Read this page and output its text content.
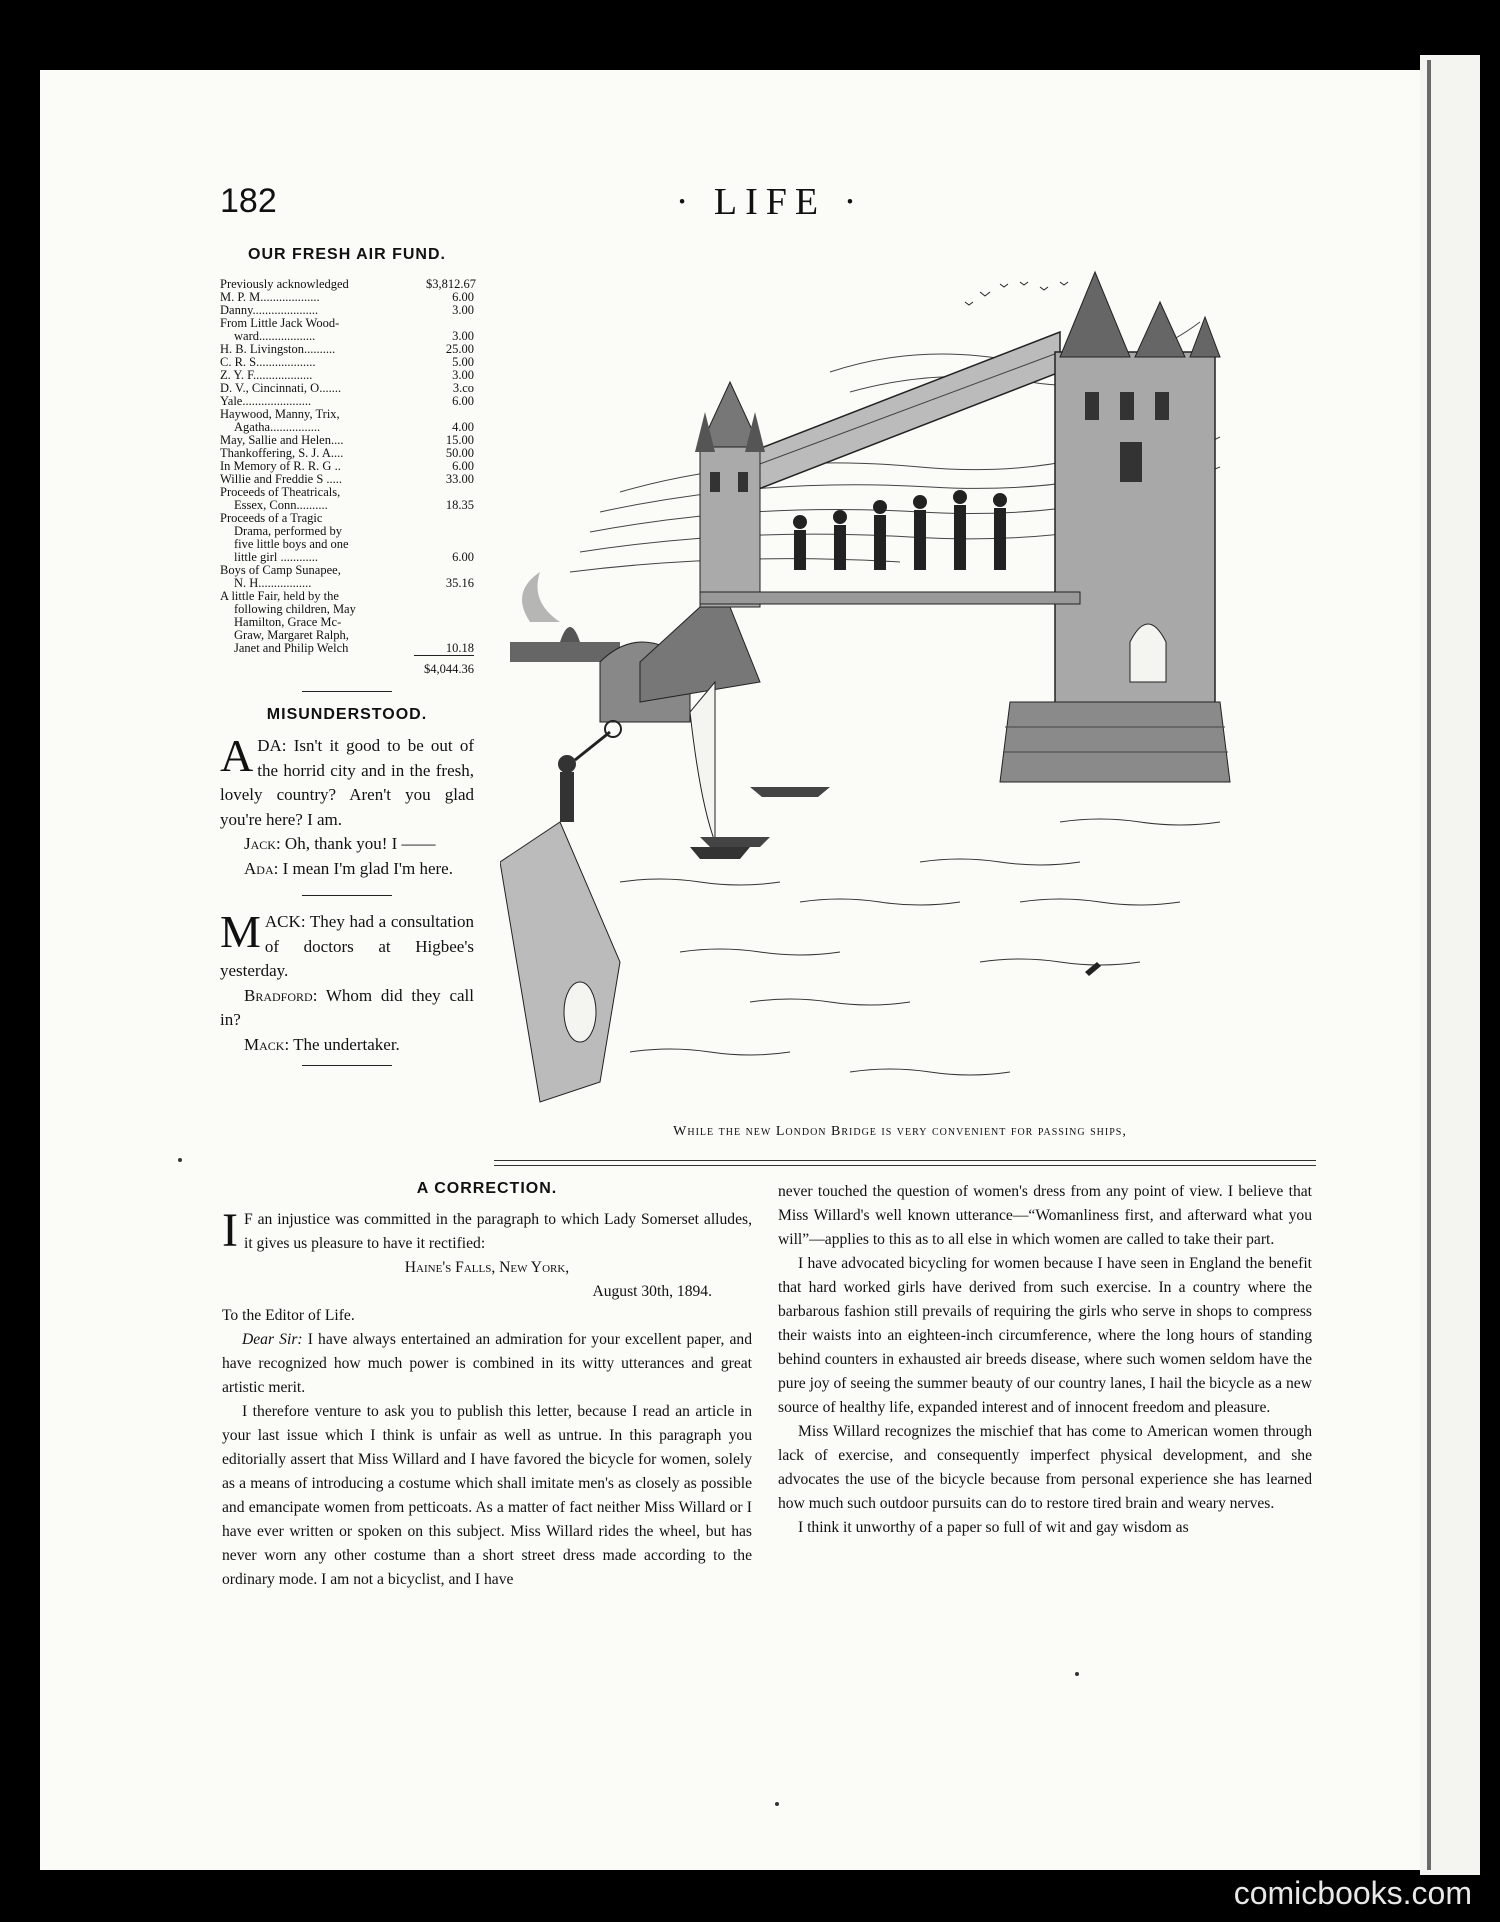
182	· LIFE ·
OUR FRESH AIR FUND.
Previously acknowledged	$3,812.67
M. P. M...................	6.00
Danny.....................	3.00
From Little Jack Wood-
ward..................	3.00
H. B. Livingston..........	25.00
C. R. S...................	5.00
Z. Y. F...................	3.00
D. V., Cincinnati, O.......	3.co
Yale......................	6.00
Haywood, Manny, Trix,
Agatha................	4.00
May, Sallie and Helen....	15.00
Thankoffering, S. J. A....	50.00
In Memory of R. R. G ..	6.00
Willie and Freddie S .....	33.00
Proceeds of Theatricals,
Essex, Conn..........	18.35
Proceeds of a Tragic
Drama, performed by
five little boys and one
little girl ............	6.00
Boys of Camp Sunapee,
N. H.................	35.16
A little Fair, held by the
following children, May
Hamilton, Grace Mc-
Graw, Margaret Ralph,
Janet and Philip Welch	10.18
$4,044.36
MISUNDERSTOOD.

ADA: Isn't it good to be out of the horrid city and in the fresh, lovely country? Aren't you glad you're here? I am.

Jack: Oh, thank you! I ——

Ada: I mean I'm glad I'm here.

MACK: They had a consultation of doctors at Higbee's yesterday.

Bradford: Whom did they call in?

Mack: The undertaker.

While the new London Bridge is very convenient for passing ships,
A CORRECTION.

I F an injustice was committed in the paragraph to which Lady Somerset alludes, it gives us pleasure to have it rectified:

Haine's Falls, New York,
August 30th, 1894.

To the Editor of Life.

Dear Sir: I have always entertained an admiration for your excellent paper, and have recognized how much power is combined in its witty utterances and great artistic merit.

I therefore venture to ask you to publish this letter, because I read an article in your last issue which I think is unfair as well as untrue. In this paragraph you editorially assert that Miss Willard and I have favored the bicycle for women, solely as a means of introducing a costume which shall imitate men's as closely as possible and emancipate women from petticoats. As a matter of fact neither Miss Willard or I have ever written or spoken on this subject. Miss Willard rides the wheel, but has never worn any other costume than a short street dress made according to the ordinary mode. I am not a bicyclist, and I have

never touched the question of women's dress from any point of view. I believe that Miss Willard's well known utterance—“Womanliness first, and afterward what you will”—applies to this as to all else in which women are called to take their part.

I have advocated bicycling for women because I have seen in England the benefit that hard worked girls have derived from such exercise. In a country where the barbarous fashion still prevails of requiring the girls who serve in shops to compress their waists into an eighteen-inch circumference, where the long hours of standing behind counters in exhausted air breeds disease, where such women seldom have the pure joy of seeing the summer beauty of our country lanes, I hail the bicycle as a new source of healthy life, expanded interest and of innocent freedom and pleasure.

Miss Willard recognizes the mischief that has come to American women through lack of exercise, and consequently imperfect physical development, and she advocates the use of the bicycle because from personal experience she has learned how much such outdoor pursuits can do to restore tired brain and weary nerves.

I think it unworthy of a paper so full of wit and gay wisdom as

comicbooks.com
